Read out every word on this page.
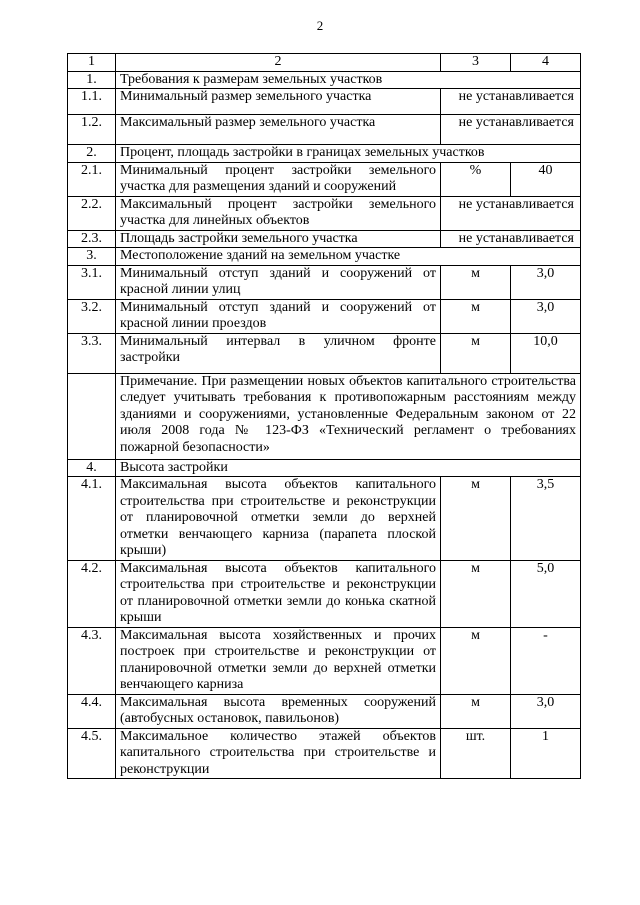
2
1	2	3	4
1.	Требования к размерам земельных участков		
1.1.	Минимальный размер земельного участка	не устанавливается	
1.2.	Максимальный размер земельного участка	не устанавливается	
2.	Процент, площадь застройки в границах земельных участков		
2.1.	Минимальный процент застройки земельного участка для размещения зданий и сооружений	%	40
2.2.	Максимальный процент застройки земельного участка для линейных объектов	не устанавливается	
2.3.	Площадь застройки земельного участка	не устанавливается	
3.	Местоположение зданий на земельном участке		
3.1.	Минимальный отступ зданий и сооружений от красной линии улиц	м	3,0
3.2.	Минимальный отступ зданий и сооружений от красной линии проездов	м	3,0
3.3.	Минимальный интервал в уличном фронте застройки	м	10,0
	Примечание. При размещении новых объектов капитального строительства следует учитывать требования к противопожарным расстояниям между зданиями и сооружениями, установленные Федеральным законом от 22 июля 2008 года № 123-ФЗ «Технический регламент о требованиях пожарной безопасности»		
4.	Высота застройки		
4.1.	Максимальная высота объектов капитального строительства при строительстве и реконструкции от планировочной отметки земли до верхней отметки венчающего карниза (парапета плоской крыши)	м	3,5
4.2.	Максимальная высота объектов капитального строительства при строительстве и реконструкции от планировочной отметки земли до конька скатной крыши	м	5,0
4.3.	Максимальная высота хозяйственных и прочих построек при строительстве и реконструкции от планировочной отметки земли до верхней отметки венчающего карниза	м	-
4.4.	Максимальная высота временных сооружений (автобусных остановок, павильонов)	м	3,0
4.5.	Максимальное количество этажей объектов капитального строительства при строительстве и реконструкции	шт.	1
